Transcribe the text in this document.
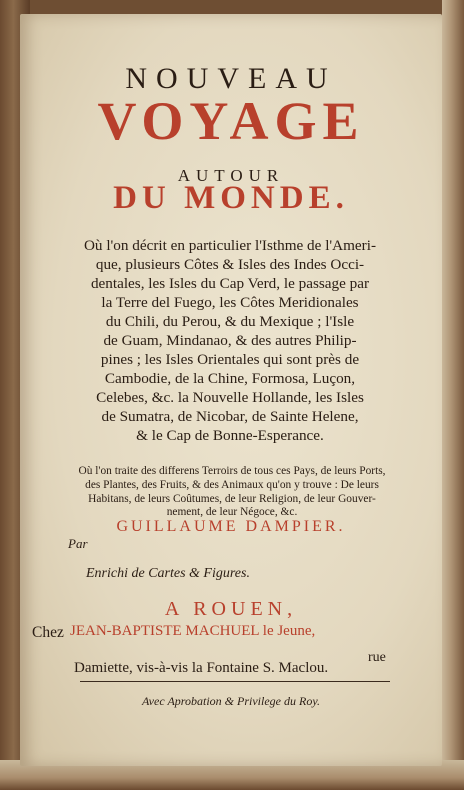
NOUVEAU
VOYAGE
AUTOUR
DU MONDE.
Où l'on décrit en particulier l'Isthme de l'Ameri-
que, plusieurs Côtes & Isles des Indes Occi-
dentales, les Isles du Cap Verd, le passage par
la Terre del Fuego, les Côtes Meridionales
du Chili, du Perou, & du Mexique ; l'Isle
de Guam, Mindanao, & des autres Philip-
pines ; les Isles Orientales qui sont près de
Cambodie, de la Chine, Formosa, Luçon,
Celebes, &c. la Nouvelle Hollande, les Isles
de Sumatra, de Nicobar, de Sainte Helene,
& le Cap de Bonne-Esperance.
Où l'on traite des differens Terroirs de tous ces Pays, de leurs Ports,
des Plantes, des Fruits, & des Animaux qu'on y trouve : De leurs
Habitans, de leurs Coûtumes, de leur Religion, de leur Gouver-
nement, de leur Négoce, &c.
GUILLAUME DAMPIER.
Par
Enrichi de Cartes & Figures.
A ROUEN,
Chez JEAN-BAPTISTE MACHUEL le Jeune,
rue
Damiette, vis-à-vis la Fontaine S. Maclou.
Avec Aprobation & Privilege du Roy.
